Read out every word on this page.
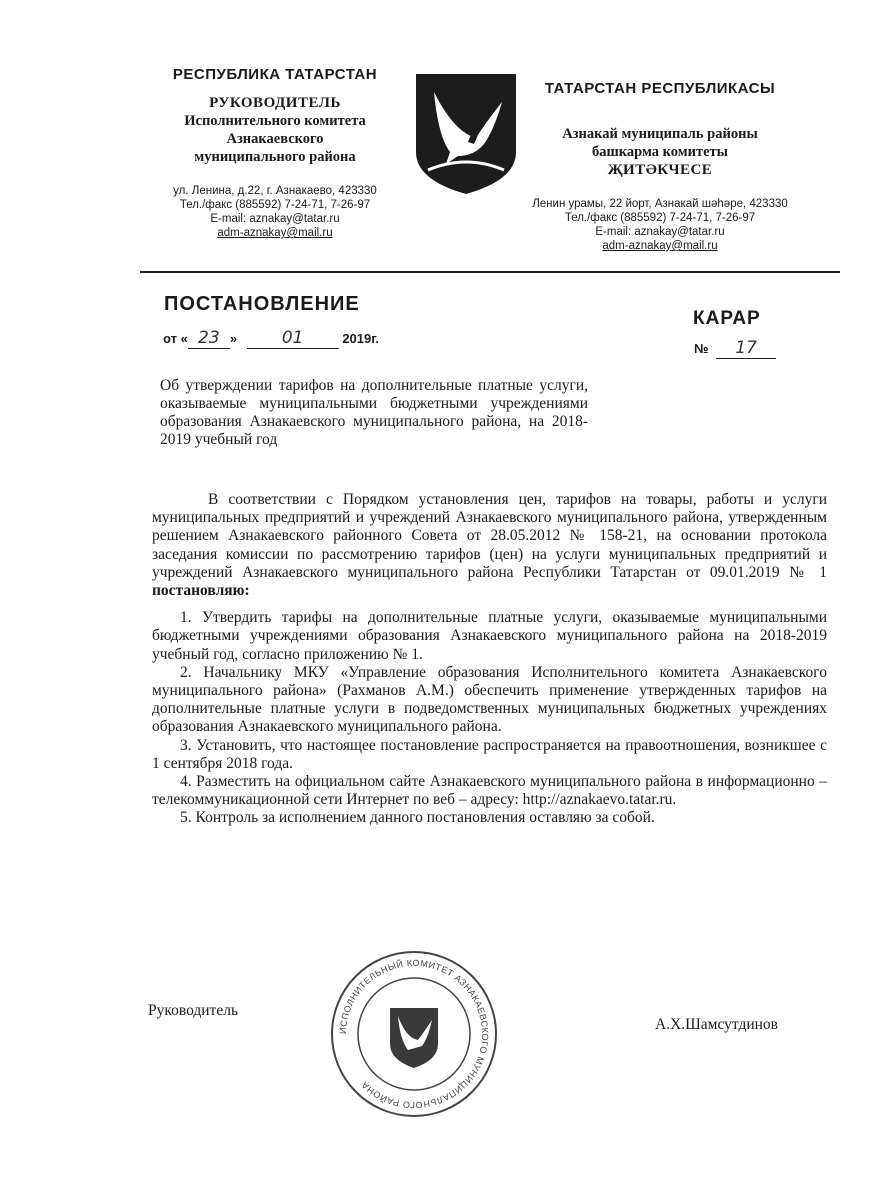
РЕСПУБЛИКА ТАТАРСТАН
РУКОВОДИТЕЛЬ
Исполнительного комитета
Азнакаевского
муниципального района
ул. Ленина, д.22, г. Азнакаево, 423330
Тел./факс (885592) 7-24-71, 7-26-97
E-mail: aznakay@tatar.ru
adm-aznakay@mail.ru
ТАТАРСТАН РЕСПУБЛИКАСЫ
Азнакай муниципаль районы
башкарма комитеты
ҖИТӘКЧЕСЕ
Ленин урамы, 22 йорт, Азнакай шәһәре, 423330
Тел./факс (885592) 7-24-71, 7-26-97
E-mail: aznakay@tatar.ru
adm-aznakay@mail.ru
ПОСТАНОВЛЕНИЕ
КАРАР
от « 23 »	01	2019г.
№ 17
Об утверждении тарифов на дополнительные платные услуги, оказываемые муниципальными бюджетными учреждениями образования Азнакаевского муниципального района, на 2018-2019 учебный год

В соответствии с Порядком установления цен, тарифов на товары, работы и услуги муниципальных предприятий и учреждений Азнакаевского муниципального района, утвержденным решением Азнакаевского районного Совета от 28.05.2012 № 158-21, на основании протокола заседания комиссии по рассмотрению тарифов (цен) на услуги муниципальных предприятий и учреждений Азнакаевского муниципального района Республики Татарстан от 09.01.2019 № 1 постановляю:

1. Утвердить тарифы на дополнительные платные услуги, оказываемые муниципальными бюджетными учреждениями образования Азнакаевского муниципального района на 2018-2019 учебный год, согласно приложению № 1.

2. Начальнику МКУ «Управление образования Исполнительного комитета Азнакаевского муниципального района» (Рахманов А.М.) обеспечить применение утвержденных тарифов на дополнительные платные услуги в подведомственных муниципальных бюджетных учреждениях образования Азнакаевского муниципального района.

3. Установить, что настоящее постановление распространяется на правоотношения, возникшее с 1 сентября 2018 года.

4. Разместить на официальном сайте Азнакаевского муниципального района в информационно – телекоммуникационной сети Интернет по веб – адресу: http://aznakaevo.tatar.ru.

5. Контроль за исполнением данного постановления оставляю за собой.

Руководитель
А.Х.Шамсутдинов
ИСПОЛНИТЕЛЬНЫЙ КОМИТЕТ АЗНАКАЕВСКОГО МУНИЦИПАЛЬНОГО РАЙОНА
